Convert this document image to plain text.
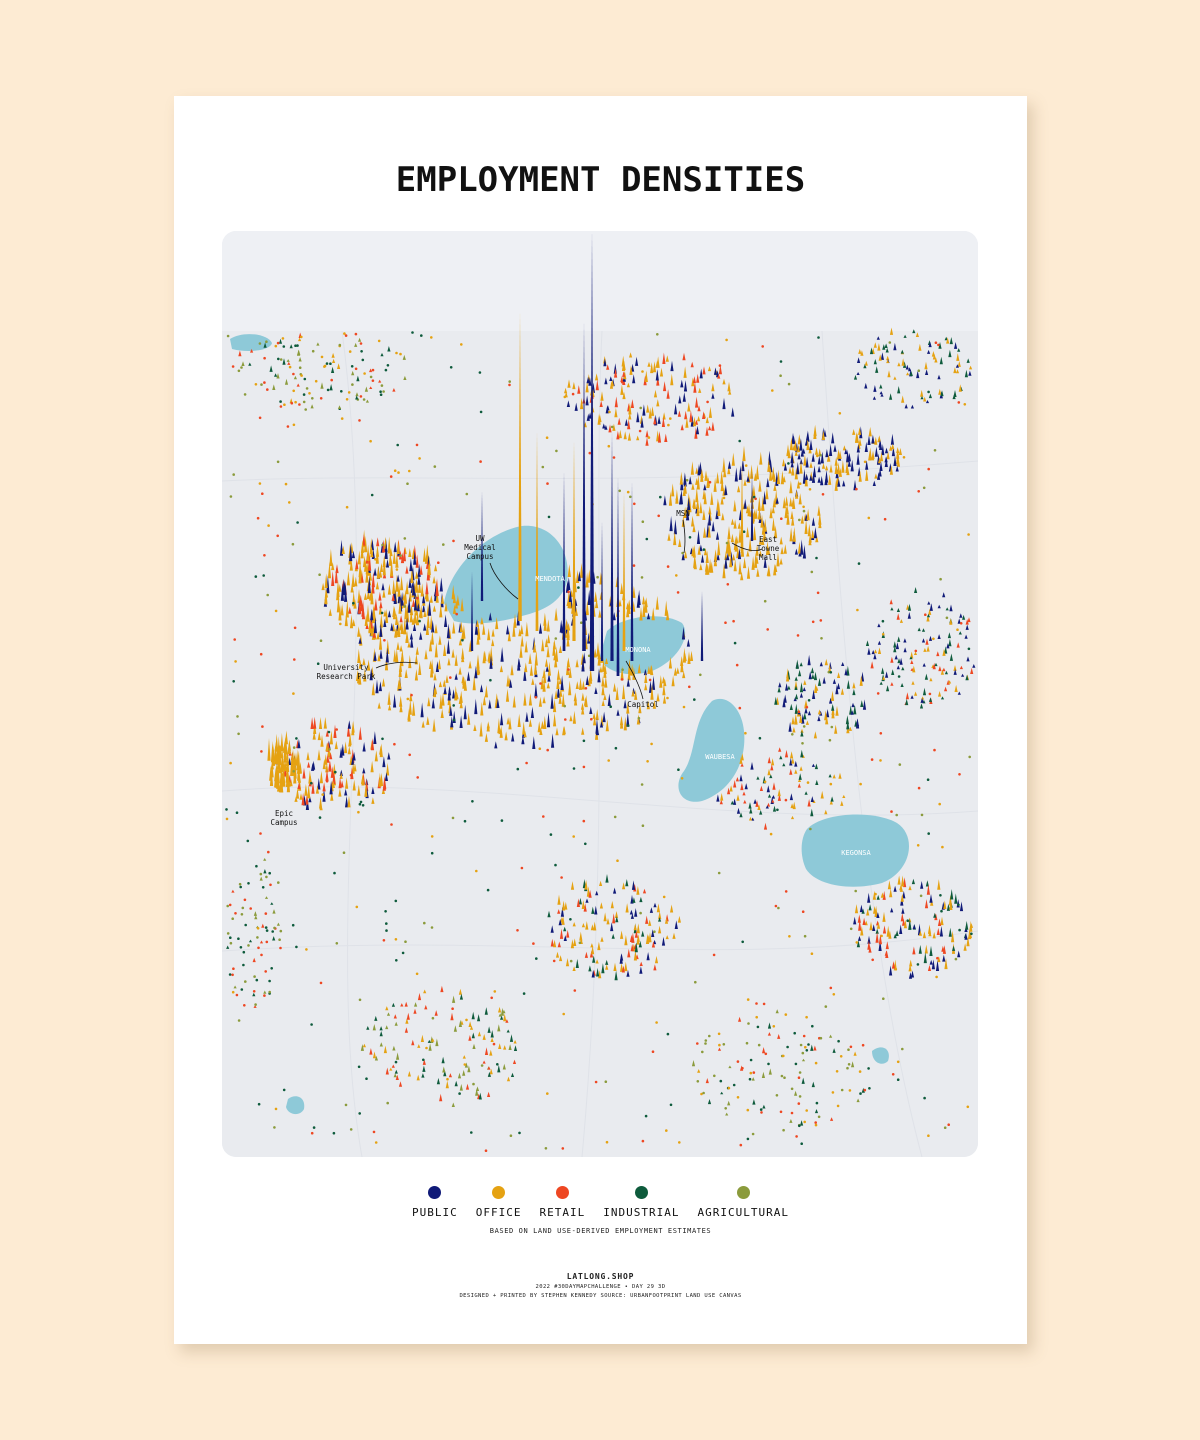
EMPLOYMENT DENSITIES
MENDOTA
MONONA
WAUBESA
KEGONSA
UW
Medical
Campus
MSN
East
Towne
Mall
University
Research Park
Capitol
Epic
Campus
PUBLIC OFFICE RETAIL INDUSTRIAL AGRICULTURAL
BASED ON LAND USE-DERIVED EMPLOYMENT ESTIMATES
LATLONG.SHOP
2022 #30DAYMAPCHALLENGE • DAY 29 3D
DESIGNED + PRINTED BY STEPHEN KENNEDY SOURCE: URBANFOOTPRINT LAND USE CANVAS
